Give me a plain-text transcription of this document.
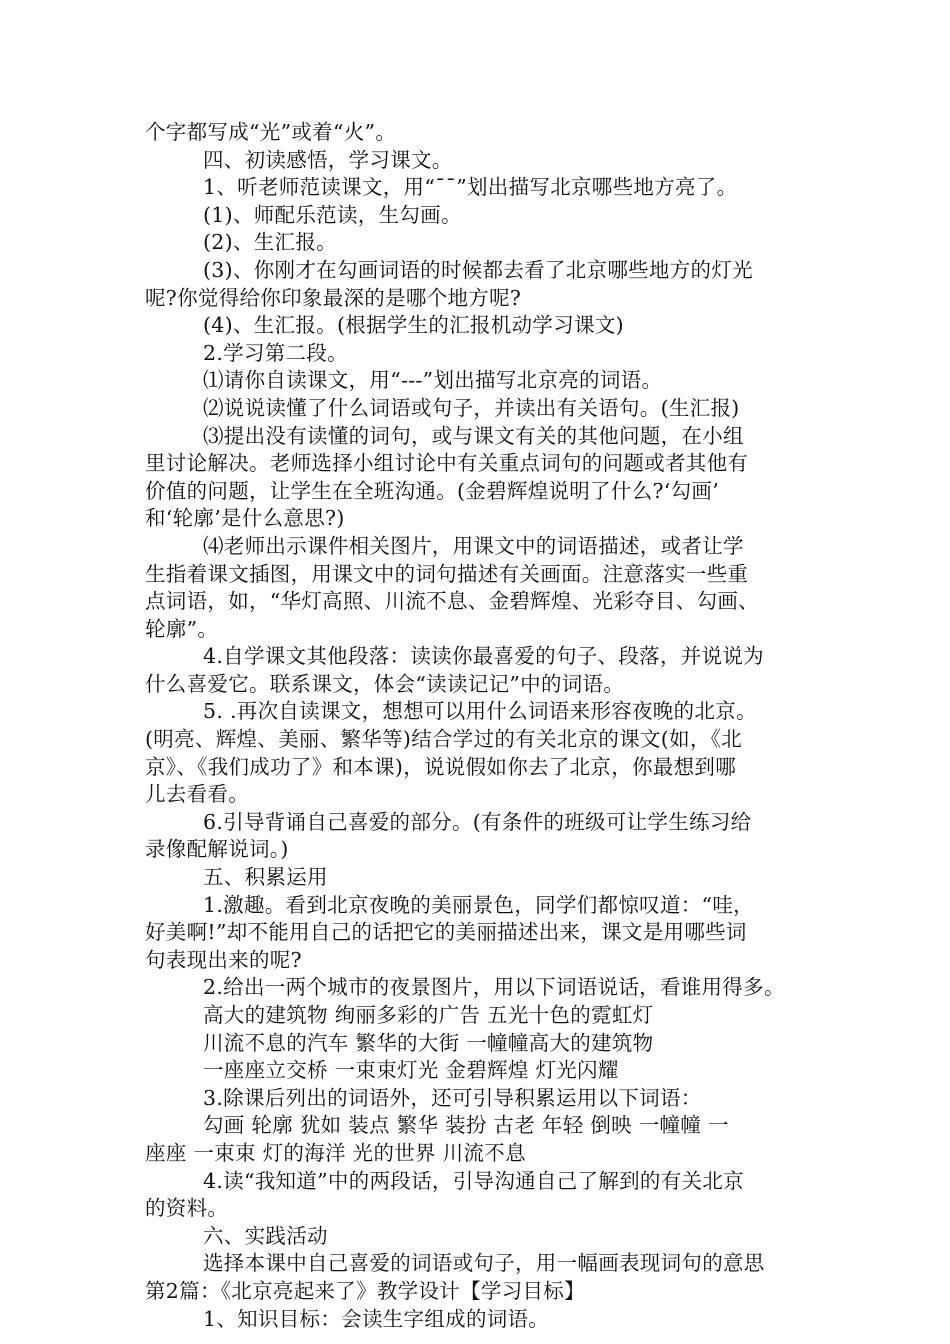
个字都写成“光”或着“火”。
四、初读感悟，学习课文。
1、听老师范读课文，用“¯¯”划出描写北京哪些地方亮了。
(1)、师配乐范读，生勾画。
(2)、生汇报。
(3)、你刚才在勾画词语的时候都去看了北京哪些地方的灯光
呢?你觉得给你印象最深的是哪个地方呢?
(4)、生汇报。(根据学生的汇报机动学习课文)
2.学习第二段。
⑴请你自读课文，用“---”划出描写北京亮的词语。
⑵说说读懂了什么词语或句子，并读出有关语句。(生汇报)
⑶提出没有读懂的词句，或与课文有关的其他问题，在小组
里讨论解决。老师选择小组讨论中有关重点词句的问题或者其他有
价值的问题，让学生在全班沟通。(金碧辉煌说明了什么?‘勾画’
和‘轮廓’是什么意思?)
⑷老师出示课件相关图片，用课文中的词语描述，或者让学
生指着课文插图，用课文中的词句描述有关画面。注意落实一些重
点词语，如，“华灯高照、川流不息、金碧辉煌、光彩夺目、勾画、
轮廓”。
4.自学课文其他段落：读读你最喜爱的句子、段落，并说说为
什么喜爱它。联系课文，体会“读读记记”中的词语。
5. .再次自读课文，想想可以用什么词语来形容夜晚的北京。
(明亮、辉煌、美丽、繁华等)结合学过的有关北京的课文(如，《北
京》、《我们成功了》和本课)，说说假如你去了北京，你最想到哪
儿去看看。
6.引导背诵自己喜爱的部分。(有条件的班级可让学生练习给
录像配解说词。)
五、积累运用
1.激趣。看到北京夜晚的美丽景色，同学们都惊叹道：“哇，
好美啊!”却不能用自己的话把它的美丽描述出来，课文是用哪些词
句表现出来的呢?
2.给出一两个城市的夜景图片，用以下词语说话，看谁用得多。
高大的建筑物 绚丽多彩的广告 五光十色的霓虹灯
川流不息的汽车 繁华的大街 一幢幢高大的建筑物
一座座立交桥 一束束灯光 金碧辉煌 灯光闪耀
3.除课后列出的词语外，还可引导积累运用以下词语：
勾画 轮廓 犹如 装点 繁华 装扮 古老 年轻 倒映 一幢幢 一
座座 一束束 灯的海洋 光的世界 川流不息
4.读“我知道”中的两段话，引导沟通自己了解到的有关北京
的资料。
六、实践活动
选择本课中自己喜爱的词语或句子，用一幅画表现词句的意思
第2篇：《北京亮起来了》教学设计【学习目标】
1、知识目标：会读生字组成的词语。
